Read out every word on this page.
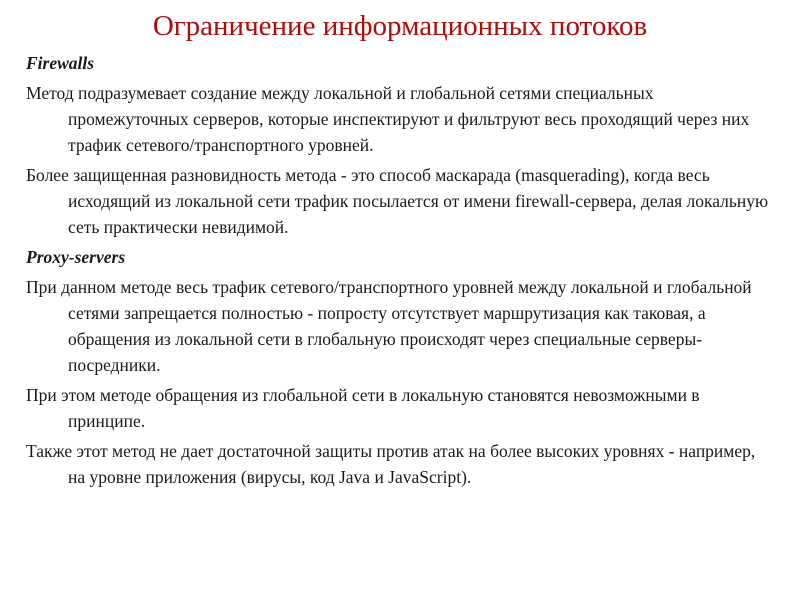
Ограничение информационных потоков

Firewalls

Метод подразумевает создание между локальной и глобальной сетями специальных промежуточных серверов, которые инспектируют и фильтруют весь проходящий через них трафик сетевого/транспортного уровней.

Более защищенная разновидность метода - это способ маскарада (masquerading), когда весь исходящий из локальной сети трафик посылается от имени firewall-сервера, делая локальную сеть практически невидимой.

Proxy-servers

При данном методе весь трафик сетевого/транспортного уровней между локальной и глобальной сетями запрещается полностью - попросту отсутствует маршрутизация как таковая, а обращения из локальной сети в глобальную происходят через специальные серверы-посредники.

При этом методе обращения из глобальной сети в локальную становятся невозможными в принципе.

Также этот метод не дает достаточной защиты против атак на более высоких уровнях - например, на уровне приложения (вирусы, код Java и JavaScript).
